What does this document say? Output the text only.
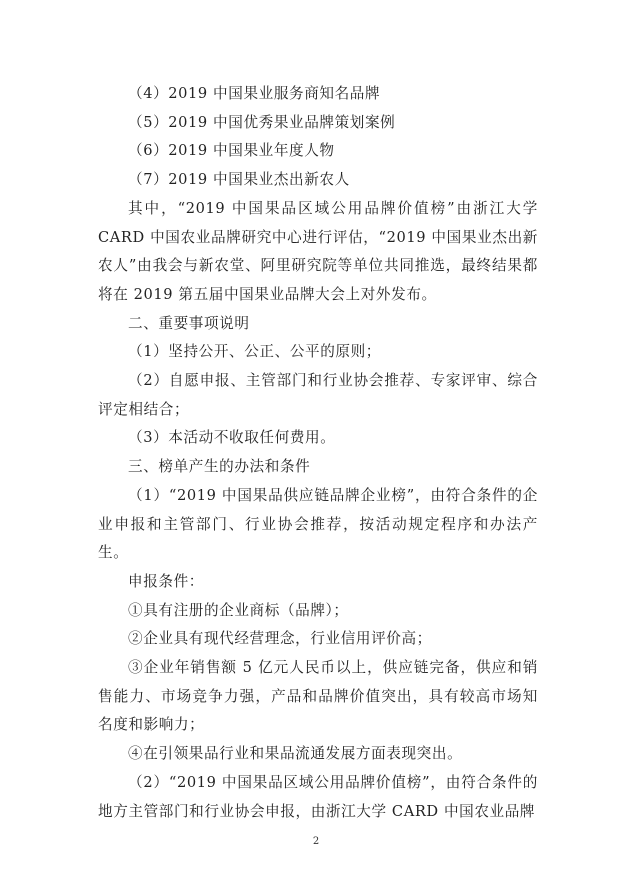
（4）2019 中国果业服务商知名品牌

（5）2019 中国优秀果业品牌策划案例

（6）2019 中国果业年度人物

（7）2019 中国果业杰出新农人

其中，“2019 中国果品区域公用品牌价值榜”由浙江大学 CARD 中国农业品牌研究中心进行评估，“2019 中国果业杰出新农人”由我会与新农堂、阿里研究院等单位共同推选，最终结果都将在 2019 第五届中国果业品牌大会上对外发布。

二、重要事项说明

（1）坚持公开、公正、公平的原则；

（2）自愿申报、主管部门和行业协会推荐、专家评审、综合评定相结合；

（3）本活动不收取任何费用。

三、榜单产生的办法和条件

（1）“2019 中国果品供应链品牌企业榜”，由符合条件的企业申报和主管部门、行业协会推荐，按活动规定程序和办法产生。

申报条件：

①具有注册的企业商标（品牌）；

②企业具有现代经营理念，行业信用评价高；

③企业年销售额 5 亿元人民币以上，供应链完备，供应和销售能力、市场竞争力强，产品和品牌价值突出，具有较高市场知名度和影响力；

④在引领果品行业和果品流通发展方面表现突出。

（2）“2019 中国果品区域公用品牌价值榜”，由符合条件的地方主管部门和行业协会申报，由浙江大学 CARD 中国农业品牌

2
